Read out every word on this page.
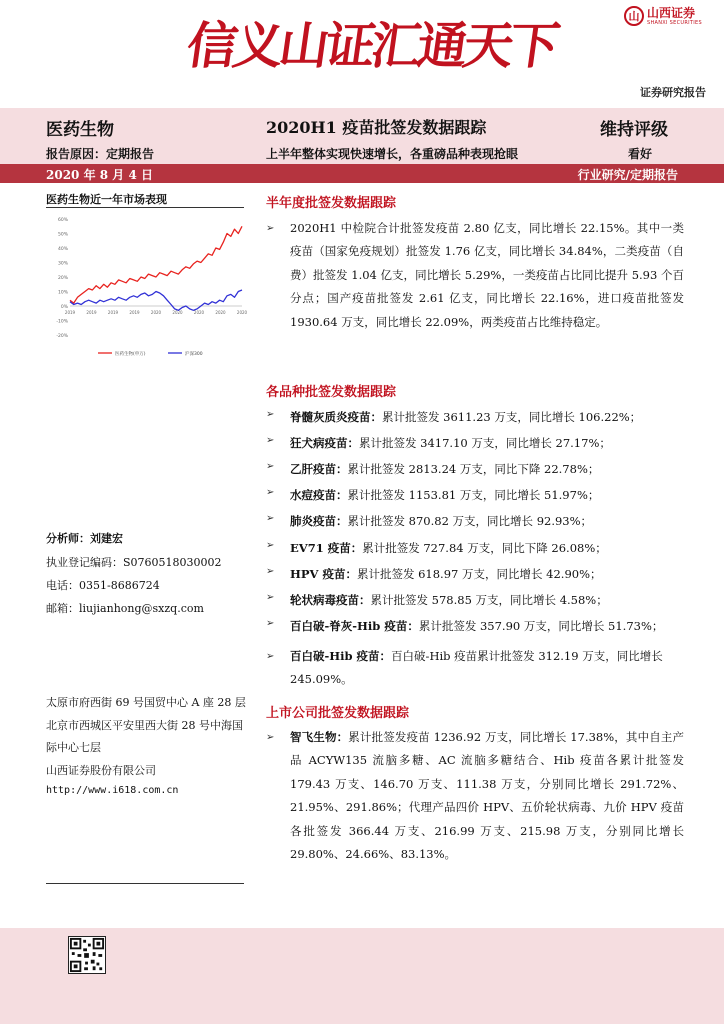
信义山证汇通天下	山 山西证券
SHANXI SECURITIES
证券研究报告
医药生物	2020H1 疫苗批签发数据跟踪	维持评级
报告原因：定期报告	上半年整体实现快速增长，各重磅品种表现抢眼	看好
2020 年 8 月 4 日	行业研究/定期报告
医药生物近一年市场表现
60%
50%
40%
30%
20%
10%
0%
-10%
-20%
2019	2019	2019	2019	2020	2020	2020	2020	2020
医药生物(申万)	沪深300
分析师：刘建宏
执业登记编码：S0760518030002
电话：0351-8686724
邮箱：liujianhong@sxzq.com
太原市府西街 69 号国贸中心 A 座 28 层
北京市西城区平安里西大街 28 号中海国
际中心七层
山西证券股份有限公司
http://www.i618.com.cn
半年度批签发数据跟踪
➢ 2020H1 中检院合计批签发疫苗 2.80 亿支，同比增长 22.15%。其中一类疫苗（国家免疫规划）批签发 1.76 亿支，同比增长 34.84%，二类疫苗（自费）批签发 1.04 亿支，同比增长 5.29%，一类疫苗占比同比提升 5.93 个百分点；国产疫苗批签发 2.61 亿支，同比增长 22.16%，进口疫苗批签发 1930.64 万支，同比增长 22.09%，两类疫苗占比维持稳定。
各品种批签发数据跟踪
➢ 脊髓灰质炎疫苗：累计批签发 3611.23 万支，同比增长 106.22%；
➢ 狂犬病疫苗：累计批签发 3417.10 万支，同比增长 27.17%；
➢ 乙肝疫苗：累计批签发 2813.24 万支，同比下降 22.78%；
➢ 水痘疫苗：累计批签发 1153.81 万支，同比增长 51.97%；
➢ 肺炎疫苗：累计批签发 870.82 万支，同比增长 92.93%；
➢ EV71 疫苗：累计批签发 727.84 万支，同比下降 26.08%；
➢ HPV 疫苗：累计批签发 618.97 万支，同比增长 42.90%；
➢ 轮状病毒疫苗：累计批签发 578.85 万支，同比增长 4.58%；
➢ 百白破-脊灰-Hib 疫苗：累计批签发 357.90 万支，同比增长 51.73%；
➢ 百白破-Hib 疫苗：百白破-Hib 疫苗累计批签发 312.19 万支，同比增长
245.09%。
上市公司批签发数据跟踪
➢ 智飞生物：累计批签发疫苗 1236.92 万支，同比增长 17.38%，其中自主产品 ACYW135 流脑多糖、AC 流脑多糖结合、Hib 疫苗各累计批签发 179.43 万支、146.70 万支、111.38 万支，分别同比增长 291.72%、21.95%、291.86%；代理产品四价 HPV、五价轮状病毒、九价 HPV 疫苗各批签发 366.44 万支、216.99 万支、215.98 万支，分别同比增长 29.80%、24.66%、83.13%。
